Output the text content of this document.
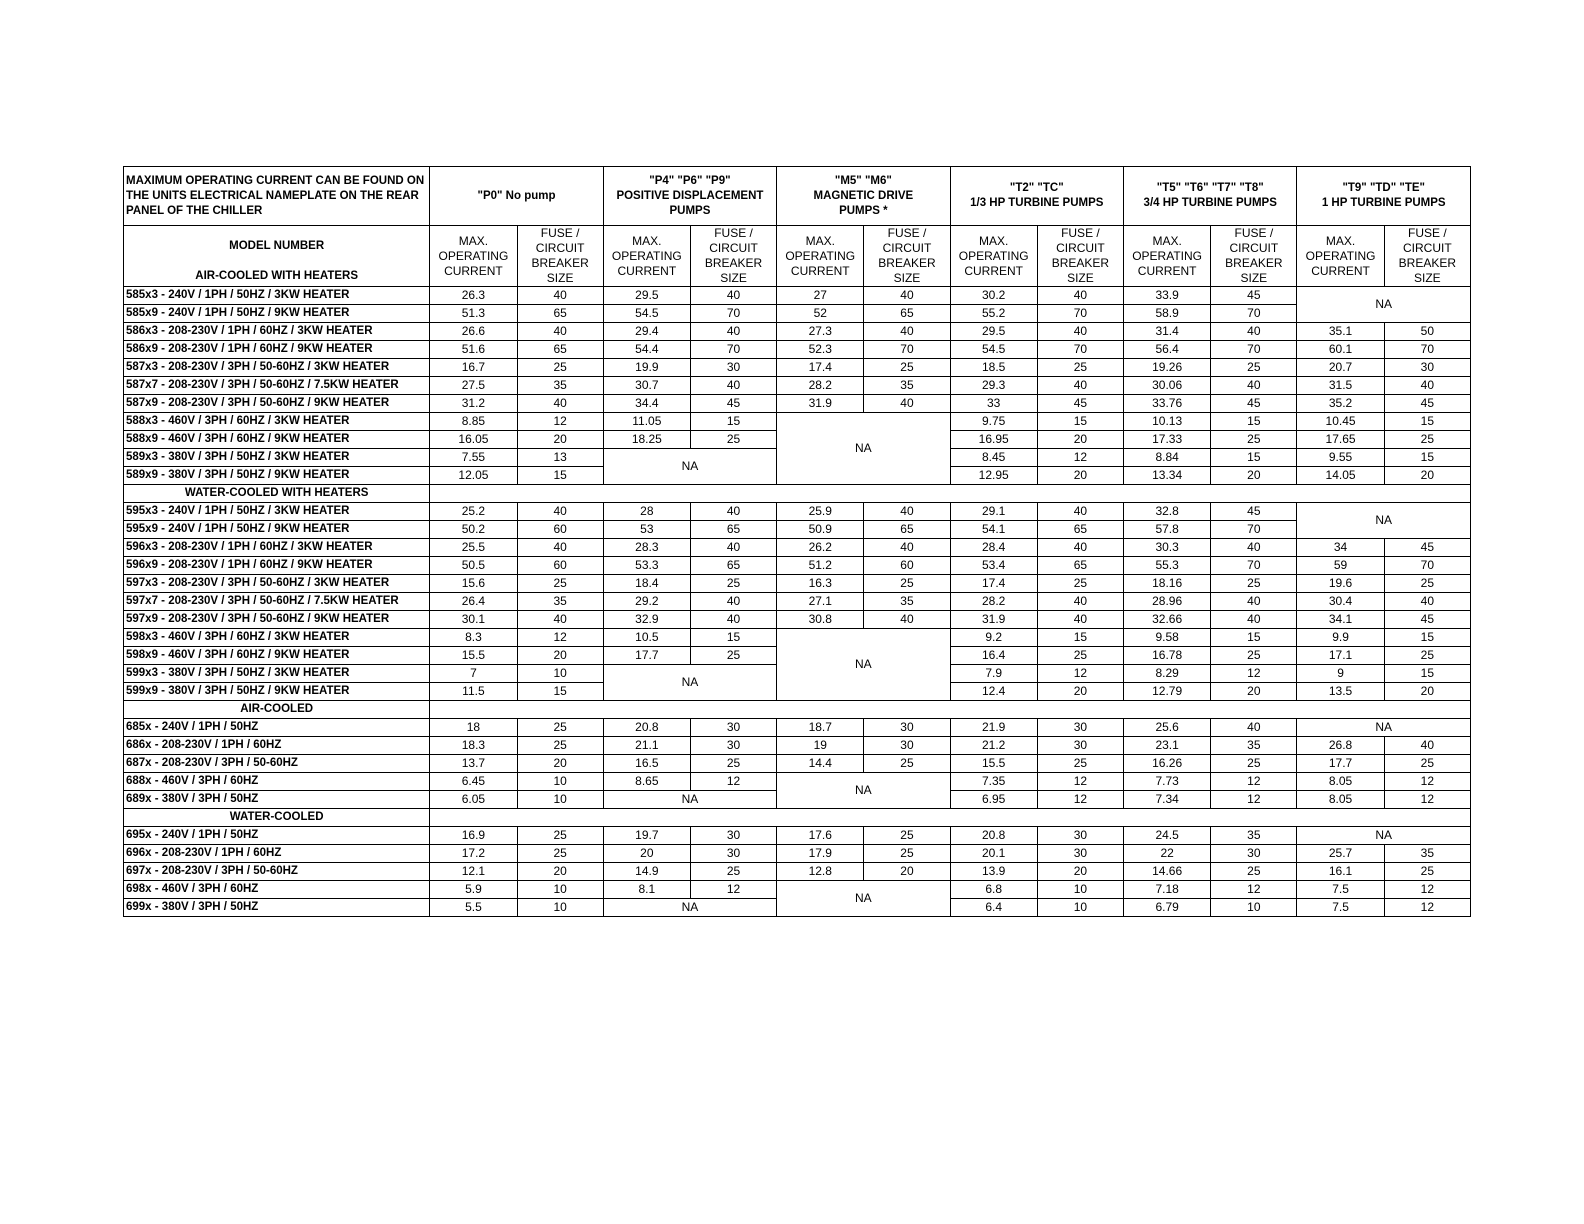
MAXIMUM OPERATING CURRENT CAN BE FOUND ON THE UNITS ELECTRICAL NAMEPLATE ON THE REAR PANEL OF THE CHILLER	"P0" No pump		"P4" "P6" "P9"
POSITIVE DISPLACEMENT
PUMPS		"M5" "M6"
MAGNETIC DRIVE
PUMPS *		"T2" "TC"
1/3 HP TURBINE PUMPS		"T5" "T6" "T7" "T8"
3/4 HP TURBINE PUMPS		"T9" "TD" "TE"
1 HP TURBINE PUMPS	
MODEL NUMBER	MAX. OPERATING CURRENT	FUSE / CIRCUIT BREAKER SIZE	MAX. OPERATING CURRENT	FUSE / CIRCUIT BREAKER SIZE	MAX. OPERATING CURRENT	FUSE / CIRCUIT BREAKER SIZE	MAX. OPERATING CURRENT	FUSE / CIRCUIT BREAKER SIZE	MAX. OPERATING CURRENT	FUSE / CIRCUIT BREAKER SIZE	MAX. OPERATING CURRENT	FUSE / CIRCUIT BREAKER SIZE
AIR-COOLED WITH HEATERS												
585x3 - 240V / 1PH / 50HZ / 3KW HEATER	26.3	40	29.5	40	27	40	30.2	40	33.9	45	NA	
585x9 - 240V / 1PH / 50HZ / 9KW HEATER	51.3	65	54.5	70	52	65	55.2	70	58.9	70		
586x3 - 208-230V / 1PH / 60HZ / 3KW HEATER	26.6	40	29.4	40	27.3	40	29.5	40	31.4	40	35.1	50
586x9 - 208-230V / 1PH / 60HZ / 9KW HEATER	51.6	65	54.4	70	52.3	70	54.5	70	56.4	70	60.1	70
587x3 - 208-230V / 3PH / 50-60HZ / 3KW HEATER	16.7	25	19.9	30	17.4	25	18.5	25	19.26	25	20.7	30
587x7 - 208-230V / 3PH / 50-60HZ / 7.5KW HEATER	27.5	35	30.7	40	28.2	35	29.3	40	30.06	40	31.5	40
587x9 - 208-230V / 3PH / 50-60HZ / 9KW HEATER	31.2	40	34.4	45	31.9	40	33	45	33.76	45	35.2	45
588x3 - 460V / 3PH / 60HZ / 3KW HEATER	8.85	12	11.05	15	NA		9.75	15	10.13	15	10.45	15
588x9 - 460V / 3PH / 60HZ / 9KW HEATER	16.05	20	18.25	25			16.95	20	17.33	25	17.65	25
589x3 - 380V / 3PH / 50HZ / 3KW HEATER	7.55	13	NA				8.45	12	8.84	15	9.55	15
589x9 - 380V / 3PH / 50HZ / 9KW HEATER	12.05	15					12.95	20	13.34	20	14.05	20
WATER-COOLED WITH HEATERS												
595x3 - 240V / 1PH / 50HZ / 3KW HEATER	25.2	40	28	40	25.9	40	29.1	40	32.8	45	NA	
595x9 - 240V / 1PH / 50HZ / 9KW HEATER	50.2	60	53	65	50.9	65	54.1	65	57.8	70		
596x3 - 208-230V / 1PH / 60HZ / 3KW HEATER	25.5	40	28.3	40	26.2	40	28.4	40	30.3	40	34	45
596x9 - 208-230V / 1PH / 60HZ / 9KW HEATER	50.5	60	53.3	65	51.2	60	53.4	65	55.3	70	59	70
597x3 - 208-230V / 3PH / 50-60HZ / 3KW HEATER	15.6	25	18.4	25	16.3	25	17.4	25	18.16	25	19.6	25
597x7 - 208-230V / 3PH / 50-60HZ / 7.5KW HEATER	26.4	35	29.2	40	27.1	35	28.2	40	28.96	40	30.4	40
597x9 - 208-230V / 3PH / 50-60HZ / 9KW HEATER	30.1	40	32.9	40	30.8	40	31.9	40	32.66	40	34.1	45
598x3 - 460V / 3PH / 60HZ / 3KW HEATER	8.3	12	10.5	15	NA		9.2	15	9.58	15	9.9	15
598x9 - 460V / 3PH / 60HZ / 9KW HEATER	15.5	20	17.7	25			16.4	25	16.78	25	17.1	25
599x3 - 380V / 3PH / 50HZ / 3KW HEATER	7	10	NA				7.9	12	8.29	12	9	15
599x9 - 380V / 3PH / 50HZ / 9KW HEATER	11.5	15					12.4	20	12.79	20	13.5	20
AIR-COOLED												
685x - 240V / 1PH / 50HZ	18	25	20.8	30	18.7	30	21.9	30	25.6	40	NA	
686x - 208-230V / 1PH / 60HZ	18.3	25	21.1	30	19	30	21.2	30	23.1	35	26.8	40
687x - 208-230V / 3PH / 50-60HZ	13.7	20	16.5	25	14.4	25	15.5	25	16.26	25	17.7	25
688x - 460V / 3PH / 60HZ	6.45	10	8.65	12	NA		7.35	12	7.73	12	8.05	12
689x - 380V / 3PH / 50HZ	6.05	10	NA				6.95	12	7.34	12	8.05	12
WATER-COOLED												
695x - 240V / 1PH / 50HZ	16.9	25	19.7	30	17.6	25	20.8	30	24.5	35	NA	
696x - 208-230V / 1PH / 60HZ	17.2	25	20	30	17.9	25	20.1	30	22	30	25.7	35
697x - 208-230V / 3PH / 50-60HZ	12.1	20	14.9	25	12.8	20	13.9	20	14.66	25	16.1	25
698x - 460V / 3PH / 60HZ	5.9	10	8.1	12	NA		6.8	10	7.18	12	7.5	12
699x - 380V / 3PH / 50HZ	5.5	10	NA				6.4	10	6.79	10	7.5	12
